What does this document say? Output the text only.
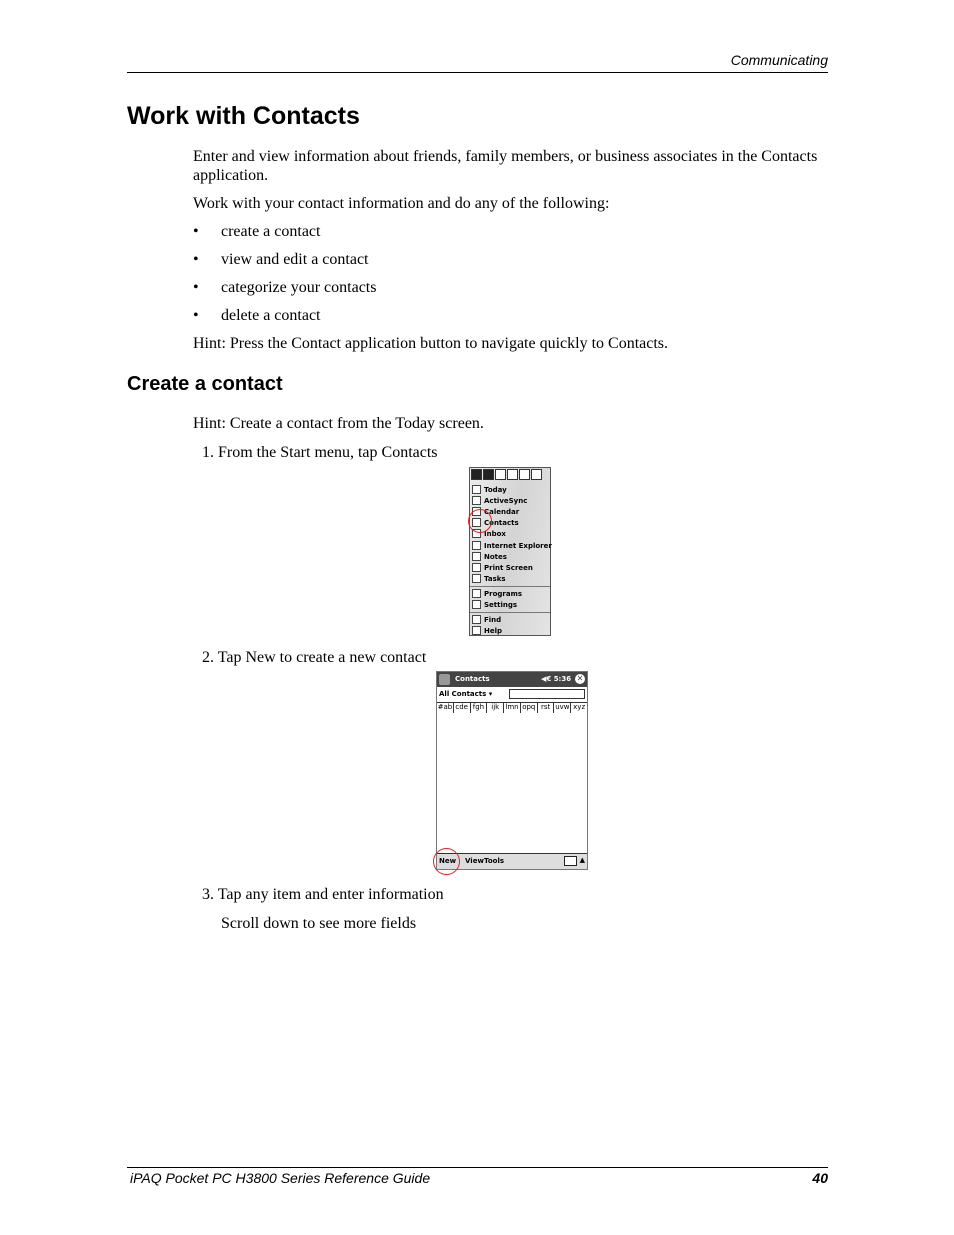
Communicating
Work with Contacts

Enter and view information about friends, family members, or business associates in the Contacts application.

Work with your contact information and do any of the following:

• create a contact
• view and edit a contact
• categorize your contacts
• delete a contact

Hint: Press the Contact application button to navigate quickly to Contacts.

Create a contact

Hint: Create a contact from the Today screen.

1. From the Start menu, tap Contacts
Today
ActiveSync
Calendar
Contacts
Inbox
Internet Explorer
Notes
Print Screen
Tasks
Programs
Settings
Find
Help
2. Tap New to create a new contact
Contacts	◀€ 5:36 ✕
All Contacts ▾
#ab cde fgh	ijk lmn opq rst uvw xyz
New View Tools	▲
3. Tap any item and enter information
Scroll down to see more fields
iPAQ Pocket PC H3800 Series Reference Guide	40
